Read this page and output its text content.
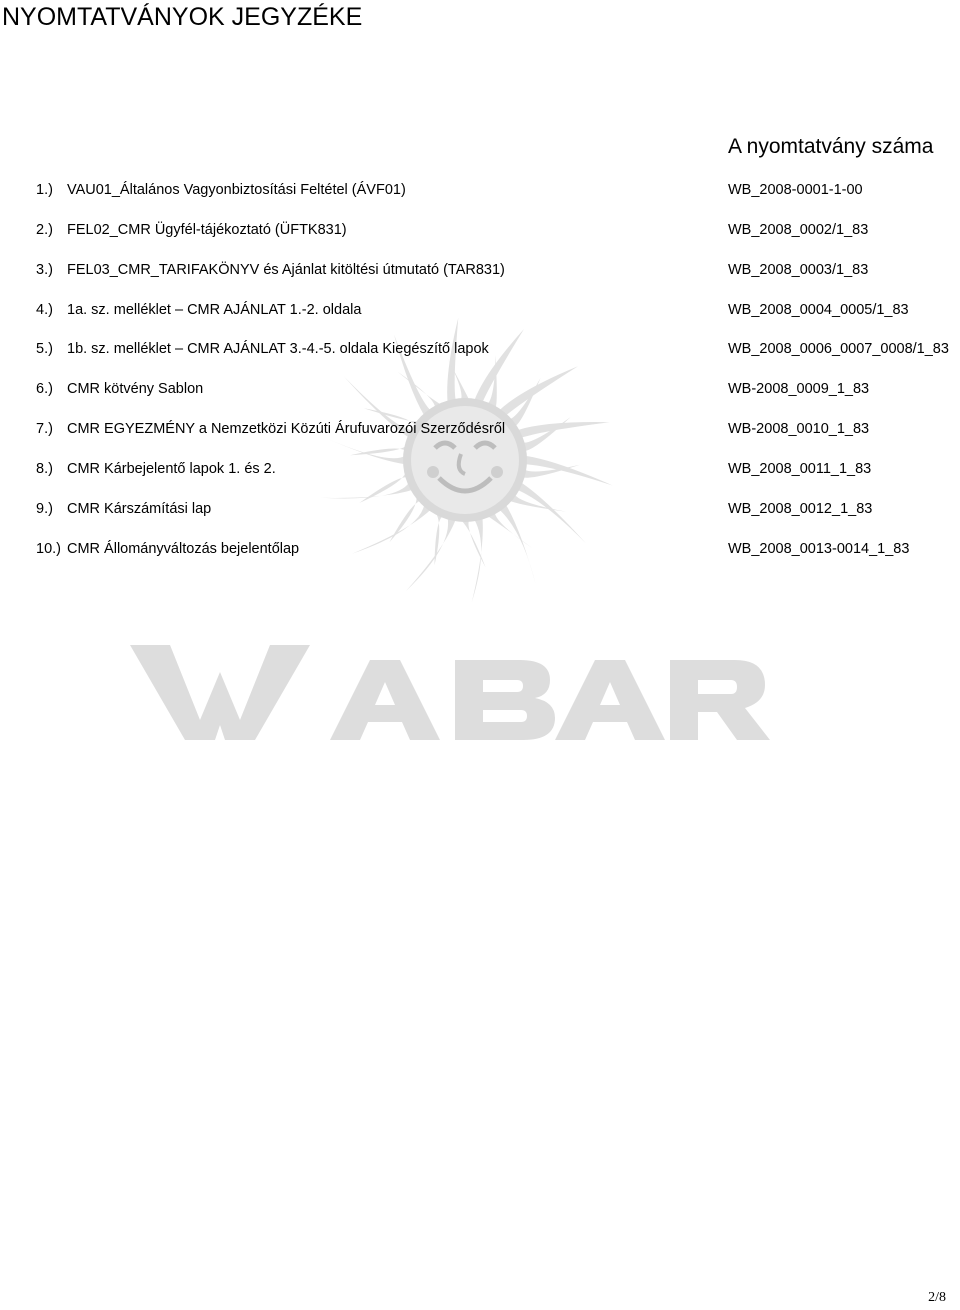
NYOMTATVÁNYOK JEGYZÉKE
A nyomtatvány száma
1.) VAU01_Általános Vagyonbiztosítási Feltétel (ÁVF01)	WB_2008-0001-1-00
2.) FEL02_CMR Ügyfél-tájékoztató (ÜFTK831)	WB_2008_0002/1_83
3.) FEL03_CMR_TARIFAKÖNYV és Ajánlat kitöltési útmutató (TAR831)	WB_2008_0003/1_83
4.) 1a. sz. melléklet – CMR AJÁNLAT 1.-2. oldala	WB_2008_0004_0005/1_83
5.) 1b. sz. melléklet – CMR AJÁNLAT 3.-4.-5. oldala Kiegészítő lapok	WB_2008_0006_0007_0008/1_83
6.) CMR kötvény Sablon	WB-2008_0009_1_83
7.) CMR EGYEZMÉNY a Nemzetközi Közúti Árufuvarozói Szerződésről	WB-2008_0010_1_83
8.) CMR Kárbejelentő lapok 1. és 2.	WB_2008_0011_1_83
9.) CMR Kárszámítási lap	WB_2008_0012_1_83
10.) CMR Állományváltozás bejelentőlap	WB_2008_0013-0014_1_83
2/8
